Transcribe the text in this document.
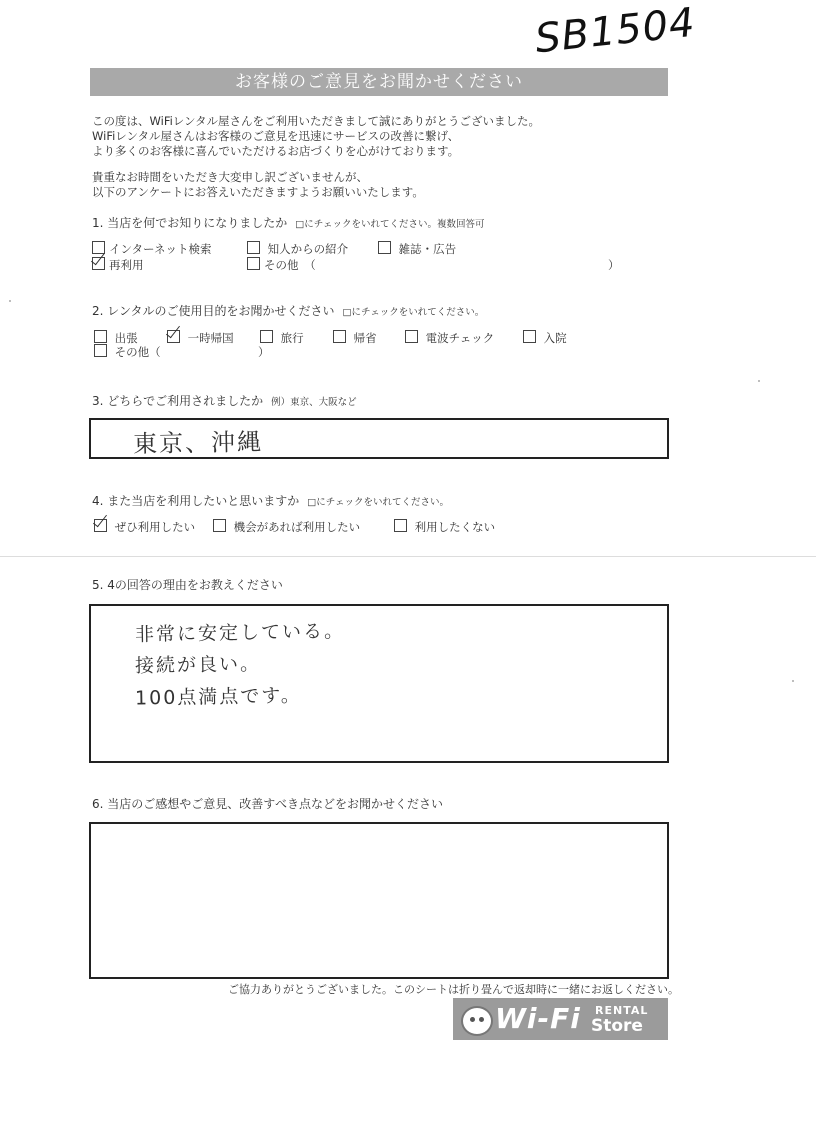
SB1504
お客様のご意見をお聞かせください
この度は、WiFiレンタル屋さんをご利用いただきまして誠にありがとうございました。
WiFiレンタル屋さんはお客様のご意見を迅速にサービスの改善に繋げ、
より多くのお客様に喜んでいただけるお店づくりを心がけております。
貴重なお時間をいただき大変申し訳ございませんが、
以下のアンケートにお答えいただきますようお願いいたします。
1. 当店を何でお知りになりましたか □にチェックをいれてください。複数回答可
インターネット検索	知人からの紹介	雑誌・広告
再利用	その他　（	）
2. レンタルのご使用目的をお聞かせください □にチェックをいれてください。
出張	一時帰国	旅行	帰省	電波チェック	入院
その他（	）
3. どちらでご利用されましたか 例）東京、大阪など
東京、沖縄
4. また当店を利用したいと思いますか □にチェックをいれてください。
ぜひ利用したい	機会があれば利用したい	利用したくない
5. 4の回答の理由をお教えください
非常に安定している。
接続が良い。
100点満点です。
6. 当店のご感想やご意見、改善すべき点などをお聞かせください
ご協力ありがとうございました。このシートは折り畳んで返却時に一緒にお返しください。
Wi-Fi RENTAL
Store
